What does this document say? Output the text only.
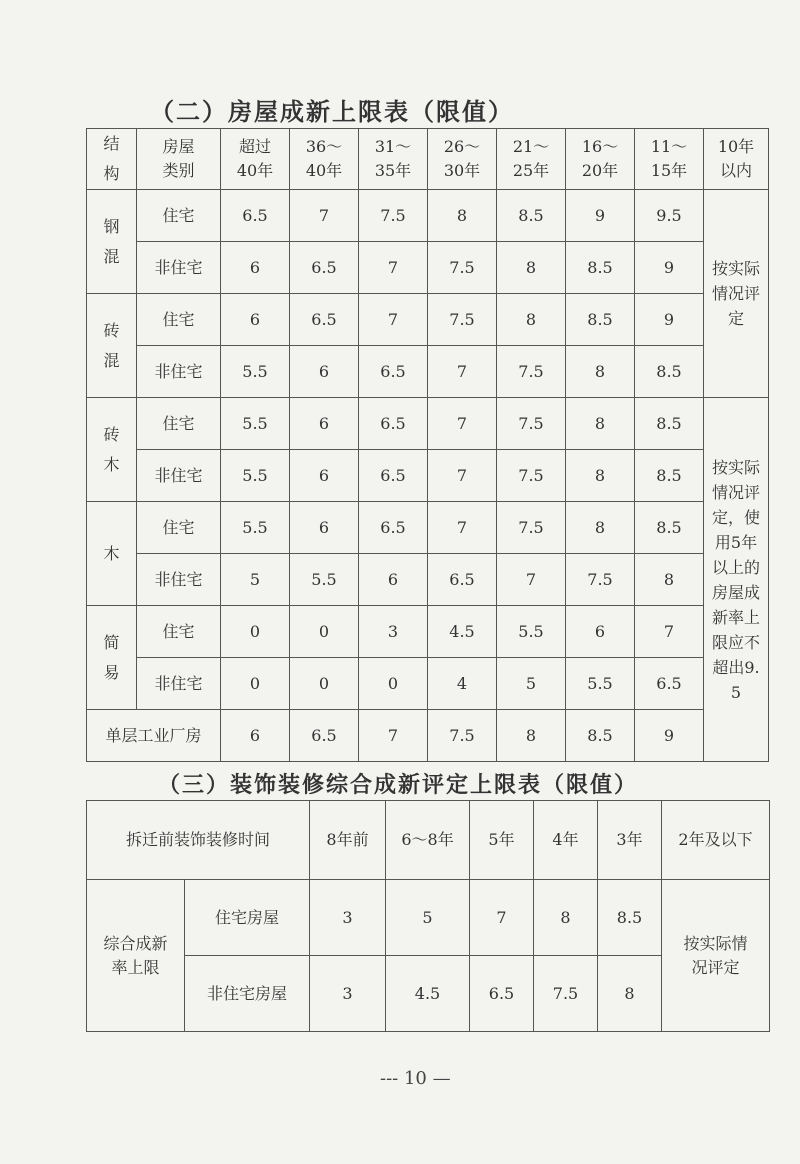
（二）房屋成新上限表（限值）
结构	房屋类别	超过40年	36～40年	31～35年	26～30年	21～25年	16～20年	11～15年	10年以内
钢混	住宅	6.5	7	7.5	8	8.5	9	9.5	按实际情况评定
	非住宅	6	6.5	7	7.5	8	8.5	9	
砖混	住宅	6	6.5	7	7.5	8	8.5	9	
	非住宅	5.5	6	6.5	7	7.5	8	8.5	
砖木	住宅	5.5	6	6.5	7	7.5	8	8.5	按实际情况评定，使用5年以上的房屋成新率上限应不超出9.5
	非住宅	5.5	6	6.5	7	7.5	8	8.5	
木	住宅	5.5	6	6.5	7	7.5	8	8.5	
	非住宅	5	5.5	6	6.5	7	7.5	8	
简易	住宅	0	0	3	4.5	5.5	6	7	
	非住宅	0	0	0	4	5	5.5	6.5	
单层工业厂房		6	6.5	7	7.5	8	8.5	9	
（三）装饰装修综合成新评定上限表（限值）
拆迁前装饰装修时间		8年前	6～8年	5年	4年	3年	2年及以下
综合成新率上限	住宅房屋	3	5	7	8	8.5	按实际情况评定
	非住宅房屋	3	4.5	6.5	7.5	8	
--- 10 —
